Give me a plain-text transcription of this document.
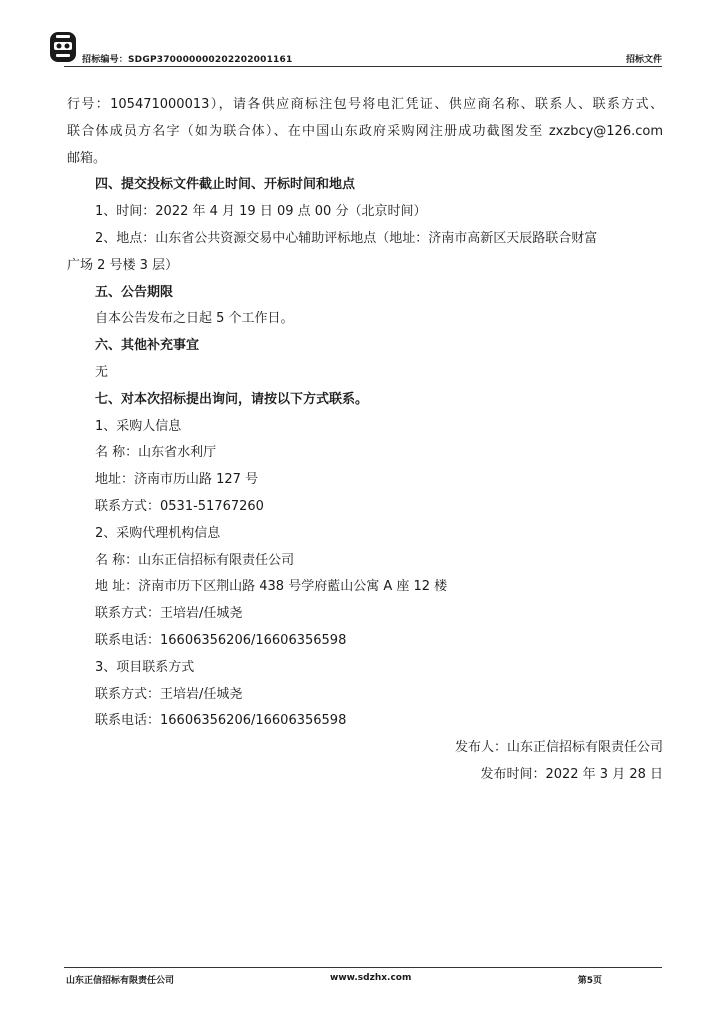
招标编号：SDGP370000000202202001161	招标文件
行号：105471000013），请各供应商标注包号将电汇凭证、供应商名称、联系人、联系方式、
联合体成员方名字（如为联合体）、在中国山东政府采购网注册成功截图发至 zxzbcy@126.com
邮箱。
四、提交投标文件截止时间、开标时间和地点
1、时间：2022 年 4 月 19 日 09 点 00 分（北京时间）
2、地点：山东省公共资源交易中心辅助评标地点（地址：济南市高新区天辰路联合财富
广场 2 号楼 3 层）
五、公告期限
自本公告发布之日起 5 个工作日。
六、其他补充事宜
无
七、对本次招标提出询问，请按以下方式联系。
1、采购人信息
名 称：山东省水利厅
地址：济南市历山路 127 号
联系方式：0531-51767260
2、采购代理机构信息
名 称：山东正信招标有限责任公司
地 址：济南市历下区荆山路 438 号学府藍山公寓 A 座 12 楼
联系方式：王培岩/任城尧
联系电话：16606356206/16606356598
3、项目联系方式
联系方式：王培岩/任城尧
联系电话：16606356206/16606356598
发布人：山东正信招标有限责任公司
发布时间：2022 年 3 月 28 日
山东正信招标有限责任公司	www.sdzhx.com	第5页
